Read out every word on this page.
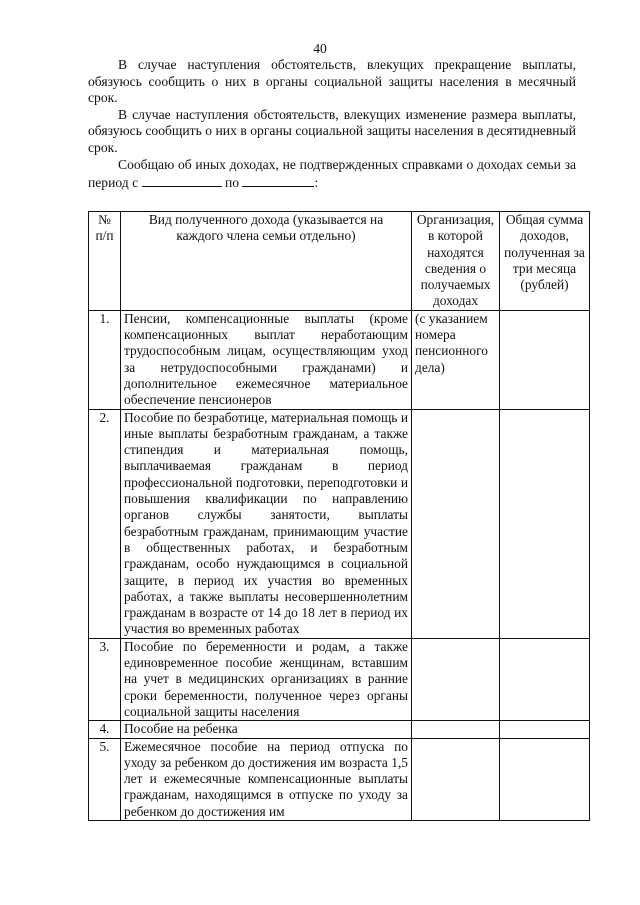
40

В случае наступления обстоятельств, влекущих прекращение выплаты, обязуюсь сообщить о них в органы социальной защиты населения в месячный срок.

В случае наступления обстоятельств, влекущих изменение размера выплаты, обязуюсь сообщить о них в органы социальной защиты населения в десятидневный срок.

Сообщаю об иных доходах, не подтвержденных справками о доходах семьи за период с	по	:

№ п/п	Вид полученного дохода (указывается на каждого члена семьи отдельно)	Организация, в которой находятся сведения о получаемых доходах	Общая сумма доходов, полученная за три месяца (рублей)
1.	Пенсии, компенсационные выплаты (кроме компенсационных выплат неработающим трудоспособным лицам, осуществляющим уход за нетрудоспособными гражданами) и дополнительное ежемесячное материальное обеспечение пенсионеров	(с указанием номера пенсионного дела)	
2.	Пособие по безработице, материальная помощь и иные выплаты безработным гражданам, а также стипендия и материальная помощь, выплачиваемая гражданам в период профессиональной подготовки, переподготовки и повышения квалификации по направлению органов службы занятости, выплаты безработным гражданам, принимающим участие в общественных работах, и безработным гражданам, особо нуждающимся в социальной защите, в период их участия во временных работах, а также выплаты несовершеннолетним гражданам в возрасте от 14 до 18 лет в период их участия во временных работах		
3.	Пособие по беременности и родам, а также единовременное пособие женщинам, вставшим на учет в медицинских организациях в ранние сроки беременности, полученное через органы социальной защиты населения		
4.	Пособие на ребенка		
5.	Ежемесячное пособие на период отпуска по уходу за ребенком до достижения им возраста 1,5 лет и ежемесячные компенсационные выплаты гражданам, находящимся в отпуске по уходу за ребенком до достижения им		
